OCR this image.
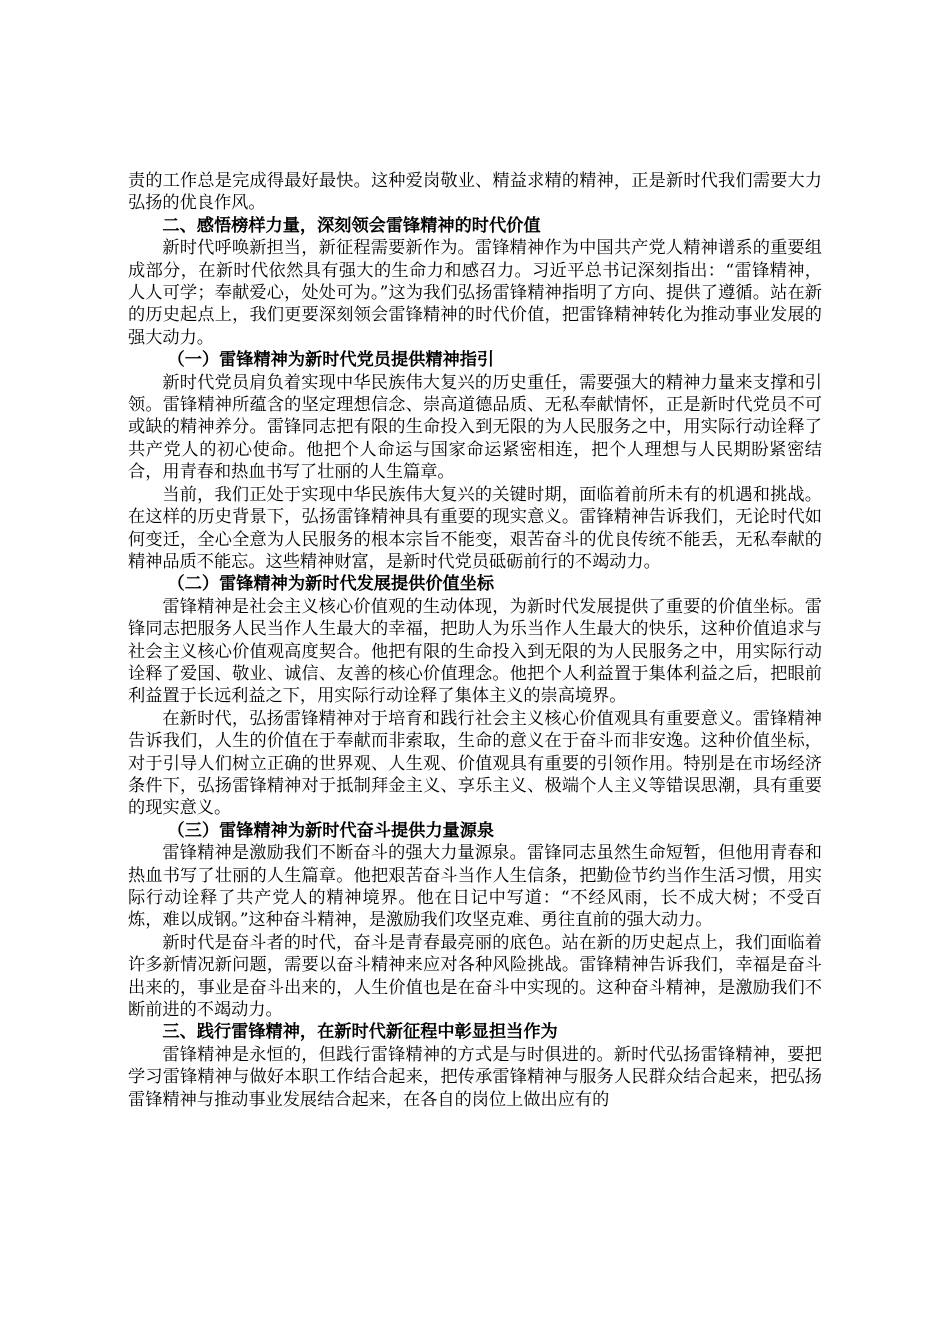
责的工作总是完成得最好最快。这种爱岗敬业、精益求精的精神，正是新时代我们需要大力弘扬的优良作风。

二、感悟榜样力量，深刻领会雷锋精神的时代价值

新时代呼唤新担当，新征程需要新作为。雷锋精神作为中国共产党人精神谱系的重要组成部分，在新时代依然具有强大的生命力和感召力。习近平总书记深刻指出：“雷锋精神，人人可学；奉献爱心，处处可为。”这为我们弘扬雷锋精神指明了方向、提供了遵循。站在新的历史起点上，我们更要深刻领会雷锋精神的时代价值，把雷锋精神转化为推动事业发展的强大动力。

（一）雷锋精神为新时代党员提供精神指引

新时代党员肩负着实现中华民族伟大复兴的历史重任，需要强大的精神力量来支撑和引领。雷锋精神所蕴含的坚定理想信念、崇高道德品质、无私奉献情怀，正是新时代党员不可或缺的精神养分。雷锋同志把有限的生命投入到无限的为人民服务之中，用实际行动诠释了共产党人的初心使命。他把个人命运与国家命运紧密相连，把个人理想与人民期盼紧密结合，用青春和热血书写了壮丽的人生篇章。

当前，我们正处于实现中华民族伟大复兴的关键时期，面临着前所未有的机遇和挑战。在这样的历史背景下，弘扬雷锋精神具有重要的现实意义。雷锋精神告诉我们，无论时代如何变迁，全心全意为人民服务的根本宗旨不能变，艰苦奋斗的优良传统不能丢，无私奉献的精神品质不能忘。这些精神财富，是新时代党员砥砺前行的不竭动力。

（二）雷锋精神为新时代发展提供价值坐标

雷锋精神是社会主义核心价值观的生动体现，为新时代发展提供了重要的价值坐标。雷锋同志把服务人民当作人生最大的幸福，把助人为乐当作人生最大的快乐，这种价值追求与社会主义核心价值观高度契合。他把有限的生命投入到无限的为人民服务之中，用实际行动诠释了爱国、敬业、诚信、友善的核心价值理念。他把个人利益置于集体利益之后，把眼前利益置于长远利益之下，用实际行动诠释了集体主义的崇高境界。

在新时代，弘扬雷锋精神对于培育和践行社会主义核心价值观具有重要意义。雷锋精神告诉我们，人生的价值在于奉献而非索取，生命的意义在于奋斗而非安逸。这种价值坐标，对于引导人们树立正确的世界观、人生观、价值观具有重要的引领作用。特别是在市场经济条件下，弘扬雷锋精神对于抵制拜金主义、享乐主义、极端个人主义等错误思潮，具有重要的现实意义。

（三）雷锋精神为新时代奋斗提供力量源泉

雷锋精神是激励我们不断奋斗的强大力量源泉。雷锋同志虽然生命短暂，但他用青春和热血书写了壮丽的人生篇章。他把艰苦奋斗当作人生信条，把勤俭节约当作生活习惯，用实际行动诠释了共产党人的精神境界。他在日记中写道：“不经风雨，长不成大树；不受百炼，难以成钢。”这种奋斗精神，是激励我们攻坚克难、勇往直前的强大动力。

新时代是奋斗者的时代，奋斗是青春最亮丽的底色。站在新的历史起点上，我们面临着许多新情况新问题，需要以奋斗精神来应对各种风险挑战。雷锋精神告诉我们，幸福是奋斗出来的，事业是奋斗出来的，人生价值也是在奋斗中实现的。这种奋斗精神，是激励我们不断前进的不竭动力。

三、践行雷锋精神，在新时代新征程中彰显担当作为

雷锋精神是永恒的，但践行雷锋精神的方式是与时俱进的。新时代弘扬雷锋精神，要把学习雷锋精神与做好本职工作结合起来，把传承雷锋精神与服务人民群众结合起来，把弘扬雷锋精神与推动事业发展结合起来，在各自的岗位上做出应有的
